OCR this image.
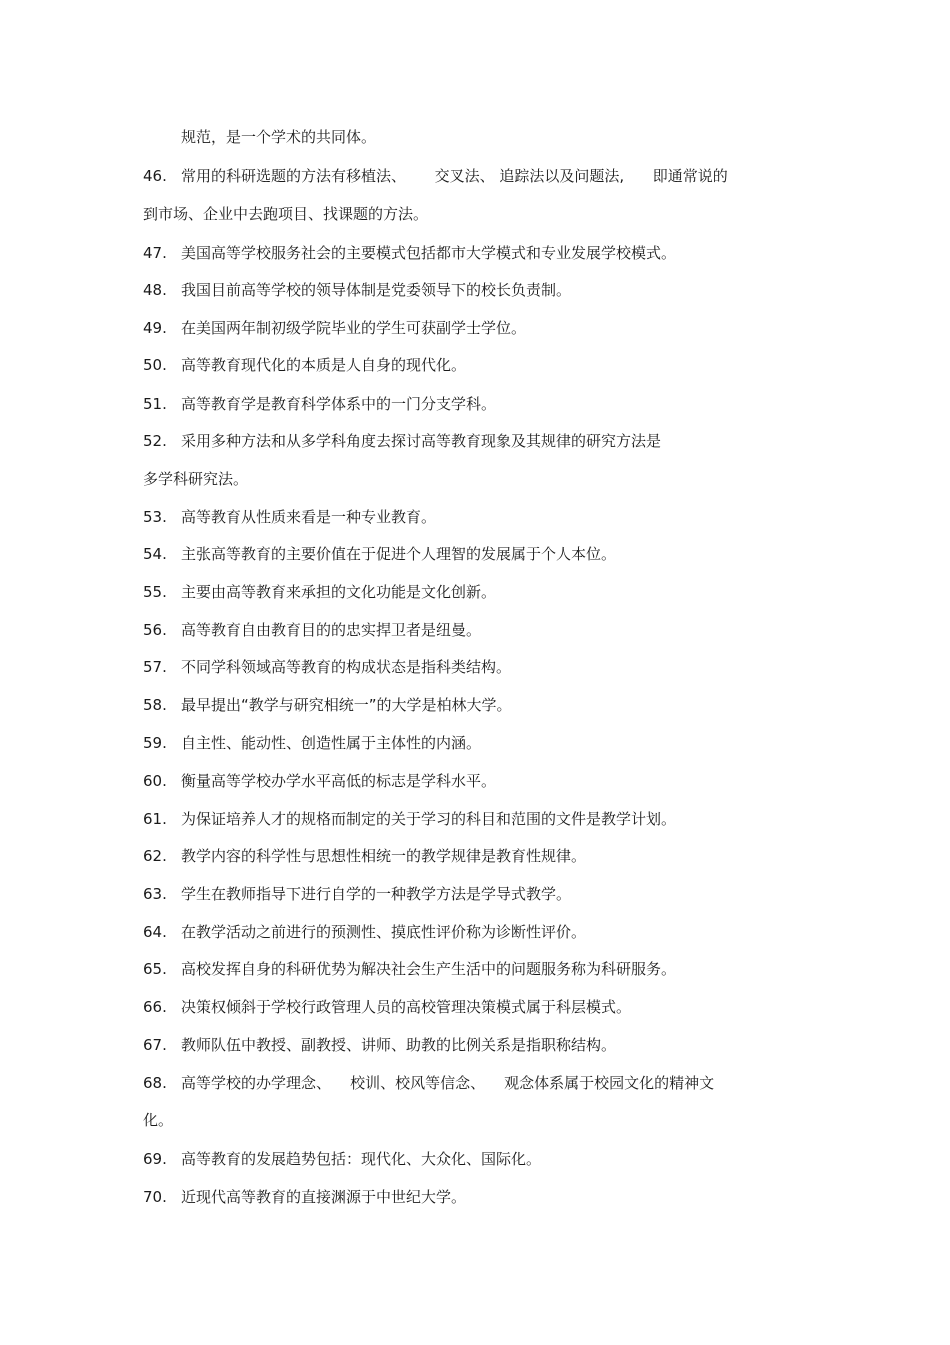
规范，是一个学术的共同体。
46. 常用的科研选题的方法有移植法、      交叉法、 追踪法以及问题法,      即通常说的
到市场、企业中去跑项目、找课题的方法。
47. 美国高等学校服务社会的主要模式包括都市大学模式和专业发展学校模式。
48. 我国目前高等学校的领导体制是党委领导下的校长负责制。
49. 在美国两年制初级学院毕业的学生可获副学士学位。
50. 高等教育现代化的本质是人自身的现代化。
51. 高等教育学是教育科学体系中的一门分支学科。
52. 采用多种方法和从多学科角度去探讨高等教育现象及其规律的研究方法是
多学科研究法。
53. 高等教育从性质来看是一种专业教育。
54. 主张高等教育的主要价值在于促进个人理智的发展属于个人本位。
55. 主要由高等教育来承担的文化功能是文化创新。
56. 高等教育自由教育目的的忠实捍卫者是纽曼。
57. 不同学科领域高等教育的构成状态是指科类结构。
58. 最早提出“教学与研究相统一”的大学是柏林大学。
59. 自主性、能动性、创造性属于主体性的内涵。
60. 衡量高等学校办学水平高低的标志是学科水平。
61. 为保证培养人才的规格而制定的关于学习的科目和范围的文件是教学计划。
62. 教学内容的科学性与思想性相统一的教学规律是教育性规律。
63. 学生在教师指导下进行自学的一种教学方法是学导式教学。
64. 在教学活动之前进行的预测性、摸底性评价称为诊断性评价。
65. 高校发挥自身的科研优势为解决社会生产生活中的问题服务称为科研服务。
66. 决策权倾斜于学校行政管理人员的高校管理决策模式属于科层模式。
67. 教师队伍中教授、副教授、讲师、助教的比例关系是指职称结构。
68. 高等学校的办学理念、    校训、校风等信念、    观念体系属于校园文化的精神文
化。
69. 高等教育的发展趋势包括：现代化、大众化、国际化。
70. 近现代高等教育的直接渊源于中世纪大学。
